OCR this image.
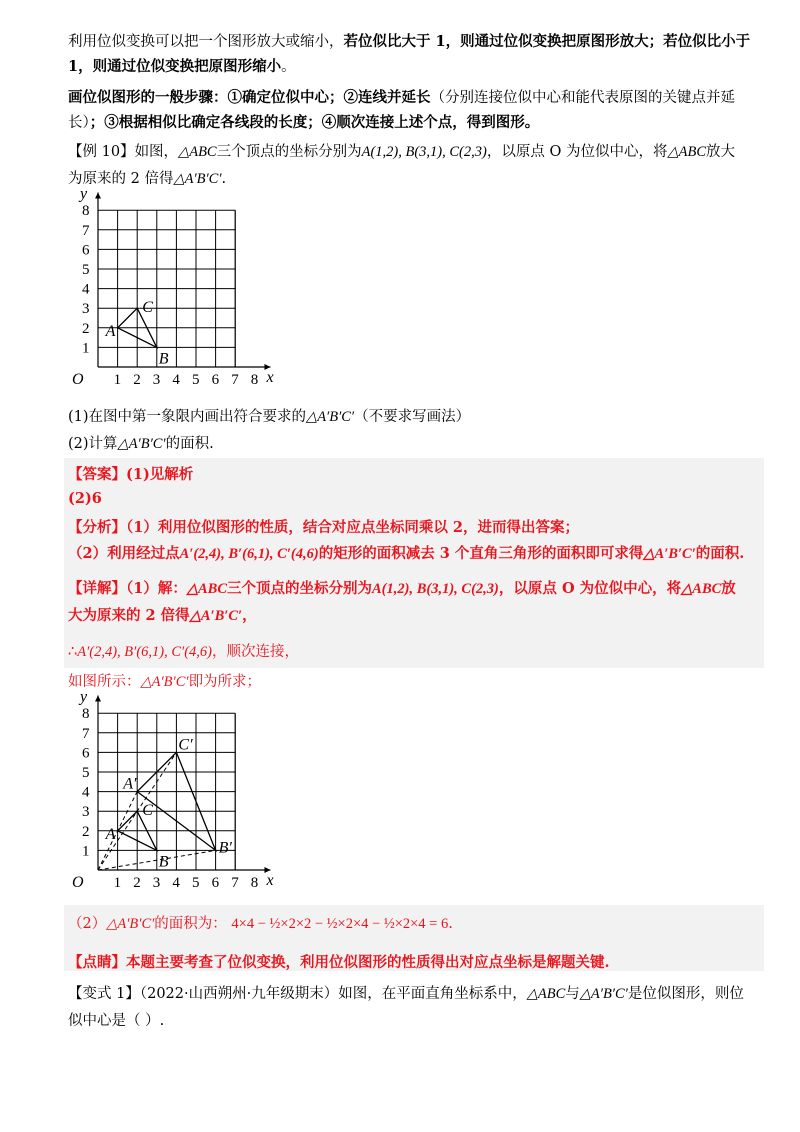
利用位似变换可以把一个图形放大或缩小，若位似比大于 1，则通过位似变换把原图形放大；若位似比小于
1，则通过位似变换把原图形缩小。
画位似图形的一般步骤：①确定位似中心；②连线并延长（分别连接位似中心和能代表原图的关键点并延
长）；③根据相似比确定各线段的长度；④顺次连接上述个点，得到图形。
【例 10】如图，△ABC三个顶点的坐标分别为A(1,2), B(3,1), C(2,3)，以原点 O 为位似中心，将△ABC放大
为原来的 2 倍得△A′B′C′.
1 2 3 4 5 6 7 8
1
2
3
4
5
6
7
8
O	x
y
A
B
C
(1)在图中第一象限内画出符合要求的△A′B′C′（不要求写画法）
(2)计算△A′B′C′的面积.
【答案】(1)见解析
(2)6
【分析】（1）利用位似图形的性质，结合对应点坐标同乘以 2，进而得出答案；
（2）利用经过点A′(2,4), B′(6,1), C′(4,6)的矩形的面积减去 3 个直角三角形的面积即可求得△A′B′C′的面积.
【详解】（1）解：△ABC三个顶点的坐标分别为A(1,2), B(3,1), C(2,3)，以原点 O 为位似中心，将△ABC放
大为原来的 2 倍得△A′B′C′，
∴A′(2,4), B′(6,1), C′(4,6)，顺次连接，
如图所示：△A′B′C′即为所求；
1 2 3 4 5 6 7 8
1
2
3
4
5
6
7
8
O	x
y
A
B
C
A′
B′
C′
（2）△A′B′C′的面积为： 4×4 − ½×2×2 − ½×2×4 − ½×2×4 = 6.
【点睛】本题主要考查了位似变换，利用位似图形的性质得出对应点坐标是解题关键.
【变式 1】（2022·山西朔州·九年级期末）如图，在平面直角坐标系中，△ABC与△A′B′C′是位似图形，则位
似中心是（ ）.
